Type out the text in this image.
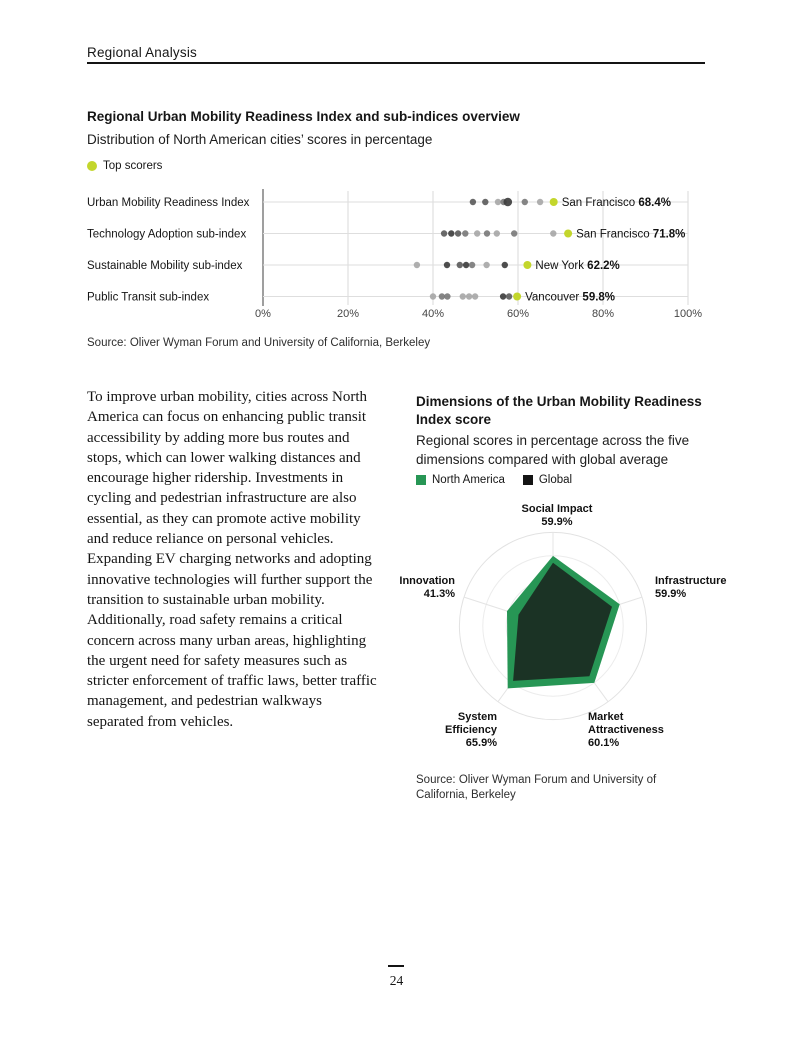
Regional Analysis
Regional Urban Mobility Readiness Index and sub-indices overview

Distribution of North American cities’ scores in percentage

Top scorers
0%	20%	40%	60%	80%	100%
Urban Mobility Readiness Index	San Francisco 68.4%
Technology Adoption sub-index	San Francisco 71.8%
Sustainable Mobility sub-index	New York 62.2%
Public Transit sub-index	Vancouver 59.8%

Source: Oliver Wyman Forum and University of California, Berkeley

To improve urban mobility, cities across North America can focus on enhancing public transit accessibility by adding more bus routes and stops, which can lower walking distances and encourage higher ridership. Investments in cycling and pedestrian infrastructure are also essential, as they can promote active mobility and reduce reliance on personal vehicles. Expanding EV charging networks and adopting innovative technologies will further support the transition to sustainable urban mobility. Additionally, road safety remains a critical concern across many urban areas, highlighting the urgent need for safety measures such as stricter enforcement of traffic laws, better traffic management, and pedestrian walkways separated from vehicles.
Dimensions of the Urban Mobility Readiness Index score

Regional scores in percentage across the five dimensions compared with global average

North America	Global
Social Impact 59.9%
Infrastructure 59.9%
Market Attractiveness 60.1%
System Efficiency 65.9%
Innovation 41.3%

Source: Oliver Wyman Forum and University of California, Berkeley

24
